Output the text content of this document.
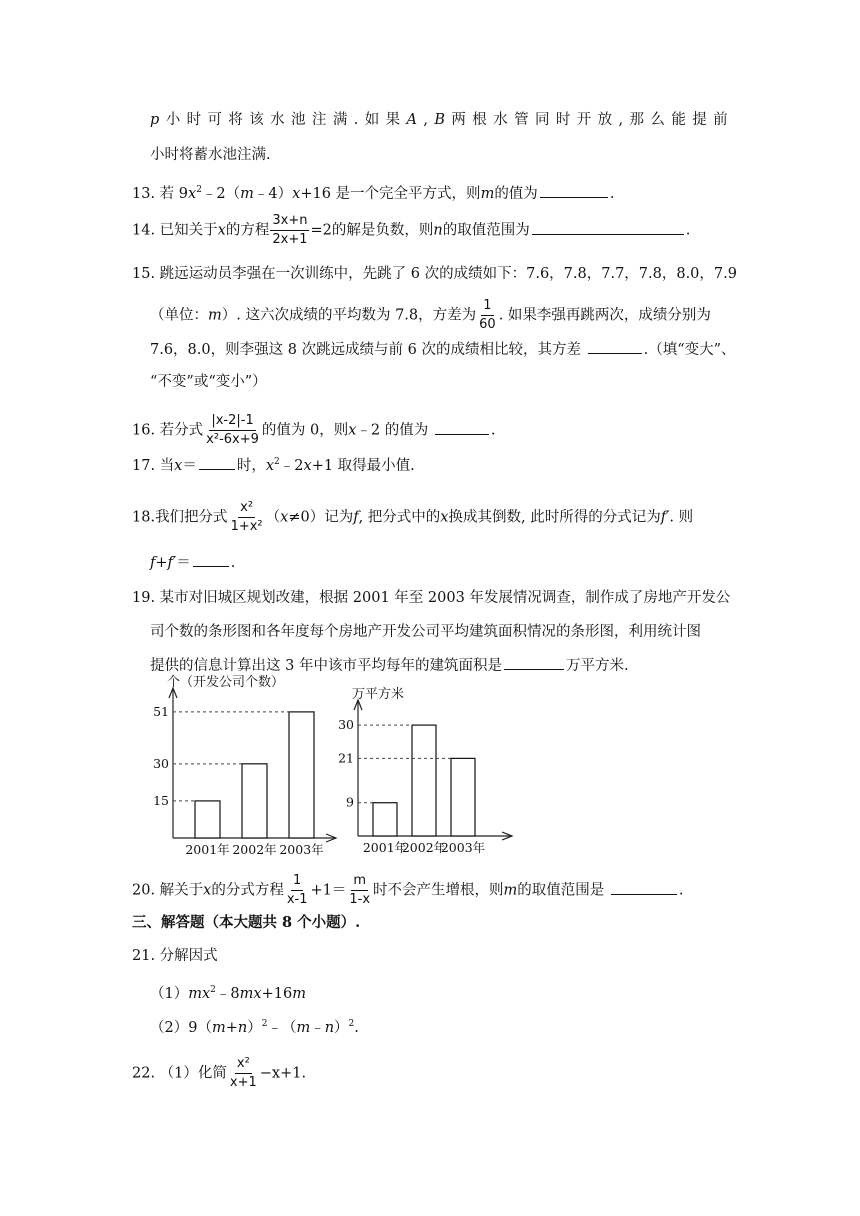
p 小 时 可 将 该 水 池 注 满 . 如 果 A , B 两 根 水 管 同 时 开 放 , 那 么 能 提 前
小时将蓄水池注满.
13. 若 $9x^2﹣2(m﹣4)x+16$ 是一个完全平方式，则m的值为	.
14. 已知关于x的方程 $\frac{3x+n}{2x+1} =2$的解是负数，则n的取值范围为	.
15. 跳远运动员李强在一次训练中，先跳了 6 次的成绩如下：7.6，7.8，7.7，7.8，8.0，7.9
（单位：m）. 这六次成绩的平均数为 7.8，方差为 $\frac{1}{60}$ . 如果李强再跳两次，成绩分别为
7.6，8.0，则李强这 8 次跳远成绩与前 6 次的成绩相比较，其方差	.（填“变大”、
“不变”或“变小”）
16. 若分式 $\frac{|x-2|-1}{\text{x²-6x+9}}$ 的值为 0，则x﹣2 的值为	.
17. 当x＝	时，$x^2﹣2x+1$ 取得最小值.
18.我们把分式 $\frac{\text{x²}}{\text{1+x²}} (x\ne 0)$记为f, 把分式中的x换成其倒数, 此时所得的分式记为f′. 则
f+f′＝	.
19. 某市对旧城区规划改建，根据 2001 年至 2003 年发展情况调查，制作成了房地产开发公
司个数的条形图和各年度每个房地产开发公司平均建筑面积情况的条形图，利用统计图
提供的信息计算出这 3 年中该市平均每年的建筑面积是	万平方米.
个（开发公司个数）
2001年 2002年 2003年
15
30
51
万平方米
2001年
2002年
2003年
9
21
30
20. 解关于x的分式方程 $\frac{1}{x-1} +1= \frac{m}{1-x}$ 时不会产生增根，则m的取值范围是	.
三、解答题（本大题共 8 个小题）.
21. 分解因式
$(1)mx^2﹣8mx+16m$
$(2)9(m+n)^2﹣(m﹣n)^2$.
22. （1）化简 $\frac{\text{x²}}{x+1} -x+1$.
